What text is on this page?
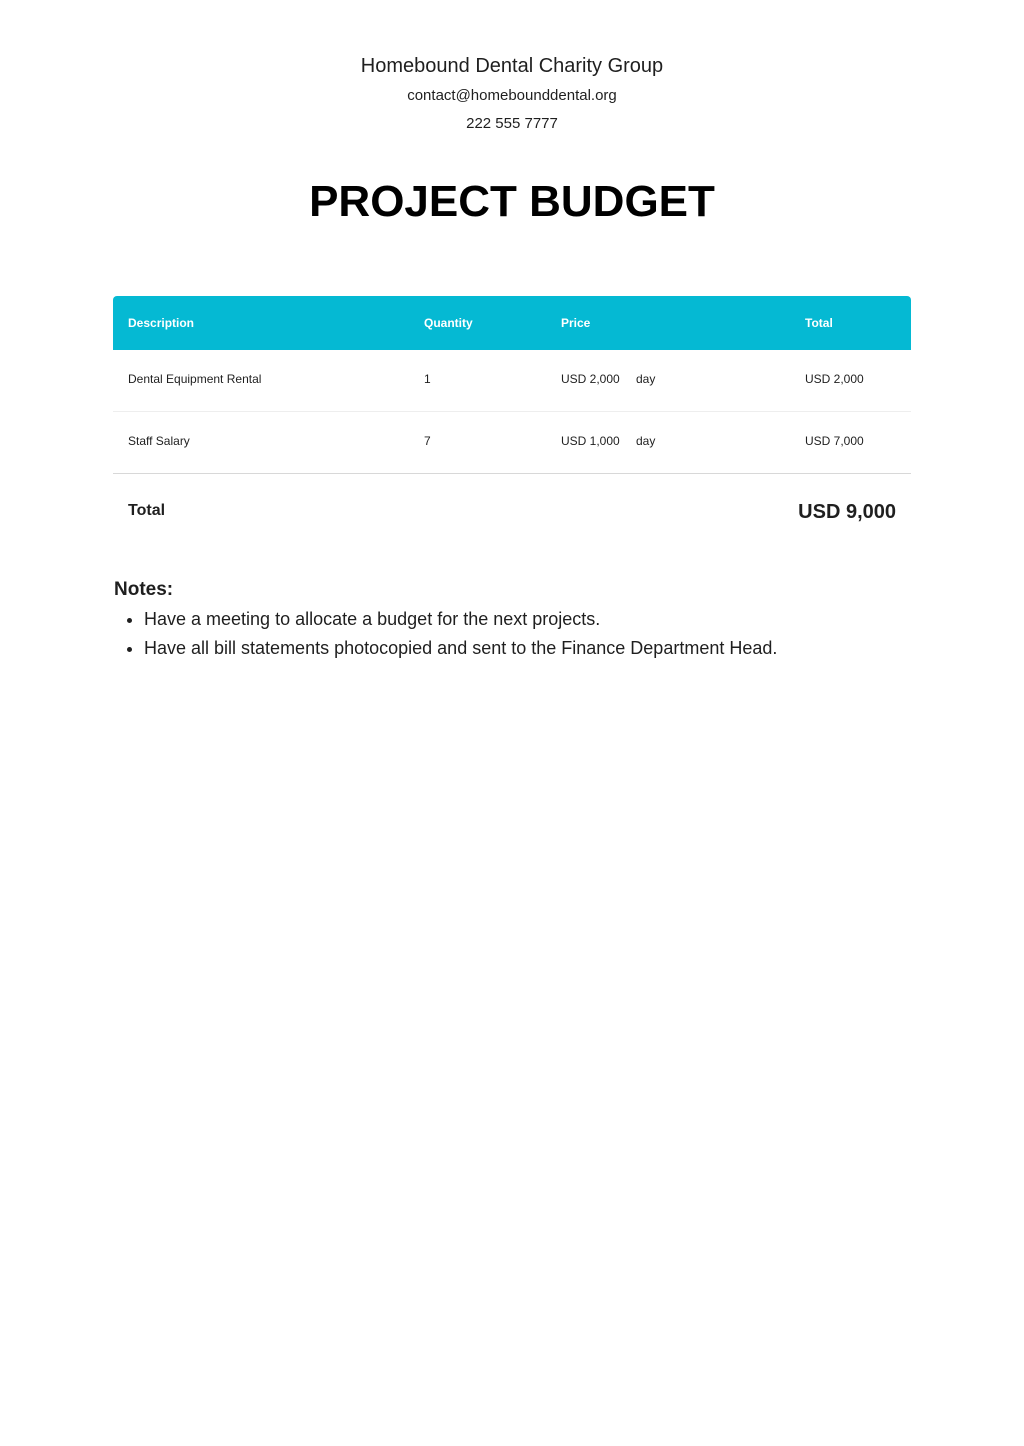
Homebound Dental Charity Group
contact@homebounddental.org
222 555 7777
PROJECT BUDGET
Description	Quantity	Price	Total
Dental Equipment Rental	1	USD 2,000 day	USD 2,000
Staff Salary	7	USD 1,000 day	USD 7,000
Total	USD 9,000
Notes:
• Have a meeting to allocate a budget for the next projects.
• Have all bill statements photocopied and sent to the Finance Department Head.
